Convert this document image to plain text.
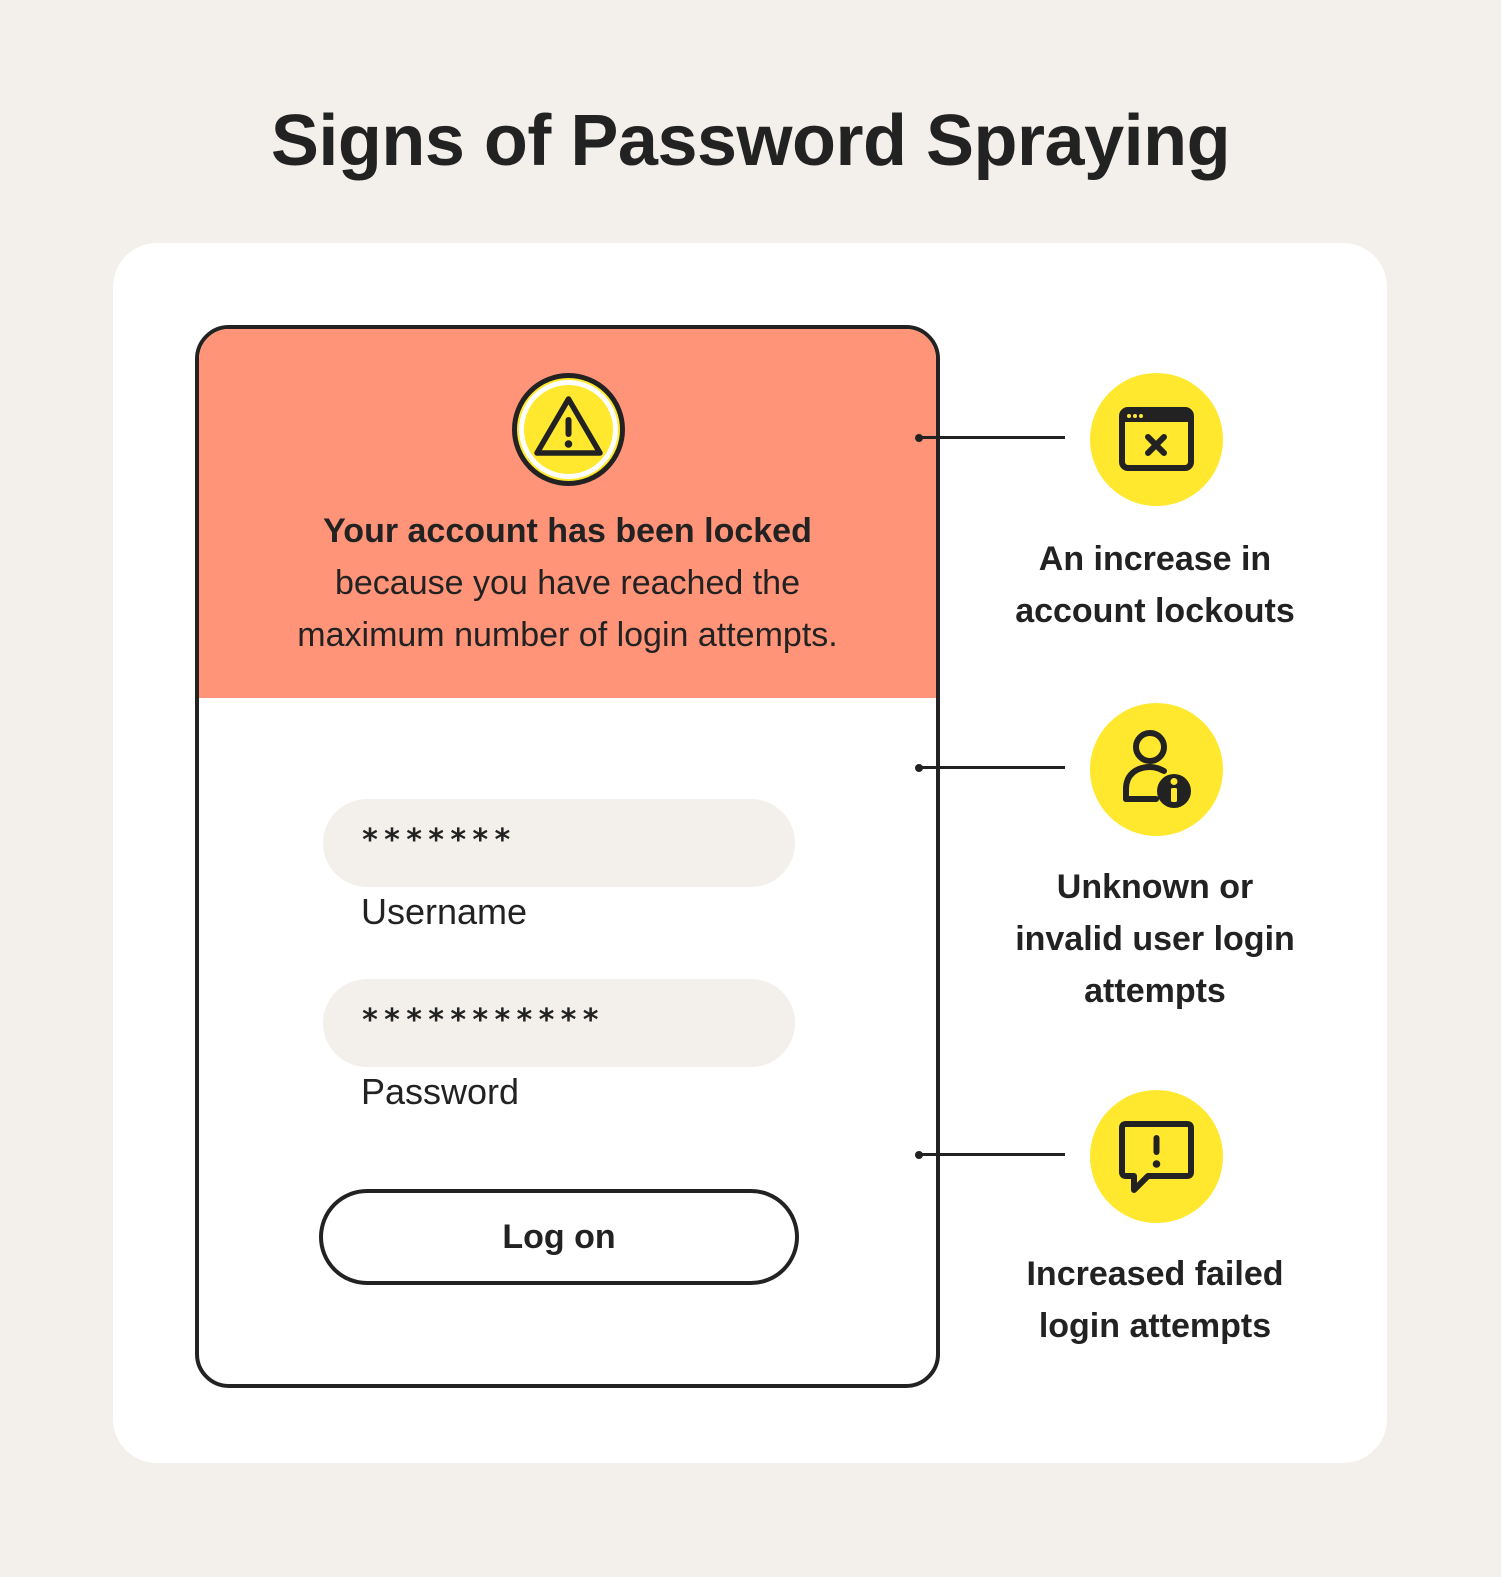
Signs of Password Spraying
Your account has been locked
because you have reached the
maximum number of login attempts.
*******
Username
***********
Password
Log on
An increase in
account lockouts
Unknown or
invalid user login
attempts
Increased failed
login attempts
